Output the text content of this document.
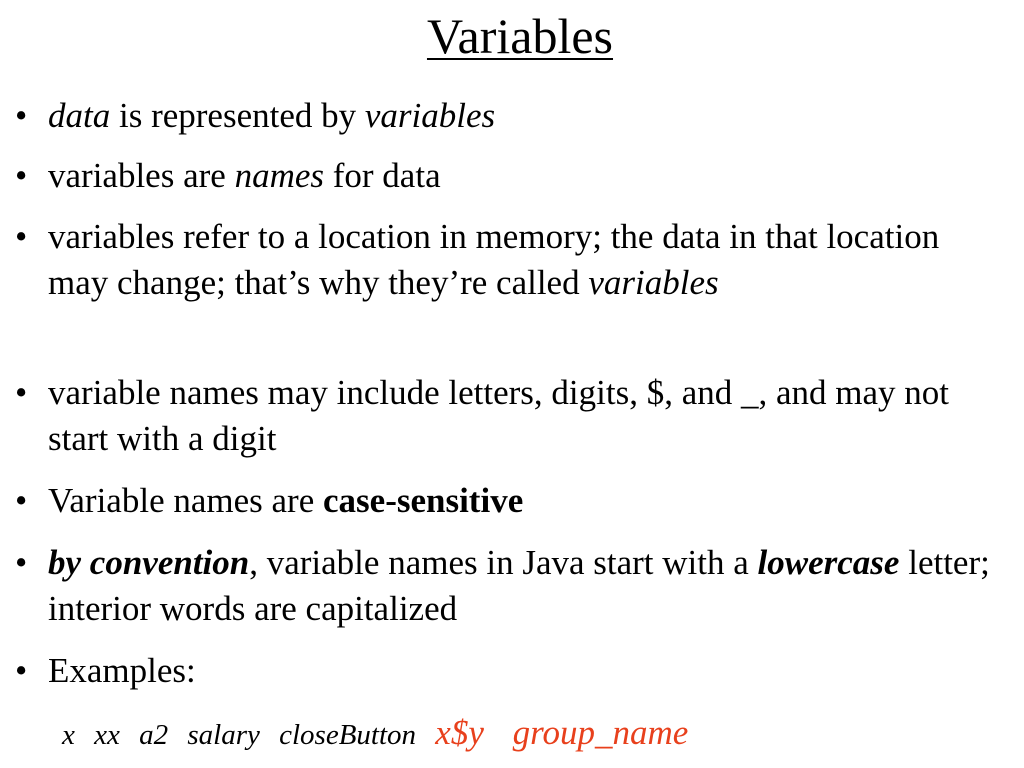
Variables
• data is represented by variables
• variables are names for data
• variables refer to a location in memory; the data in that location may change; that’s why they’re called variables
• variable names may include letters, digits, $, and _, and may not start with a digit
• Variable names are case-sensitive
• by convention, variable names in Java start with a lowercase letter; interior words are capitalized
• Examples:
x xx a2 salary closeButton x$y group_name
